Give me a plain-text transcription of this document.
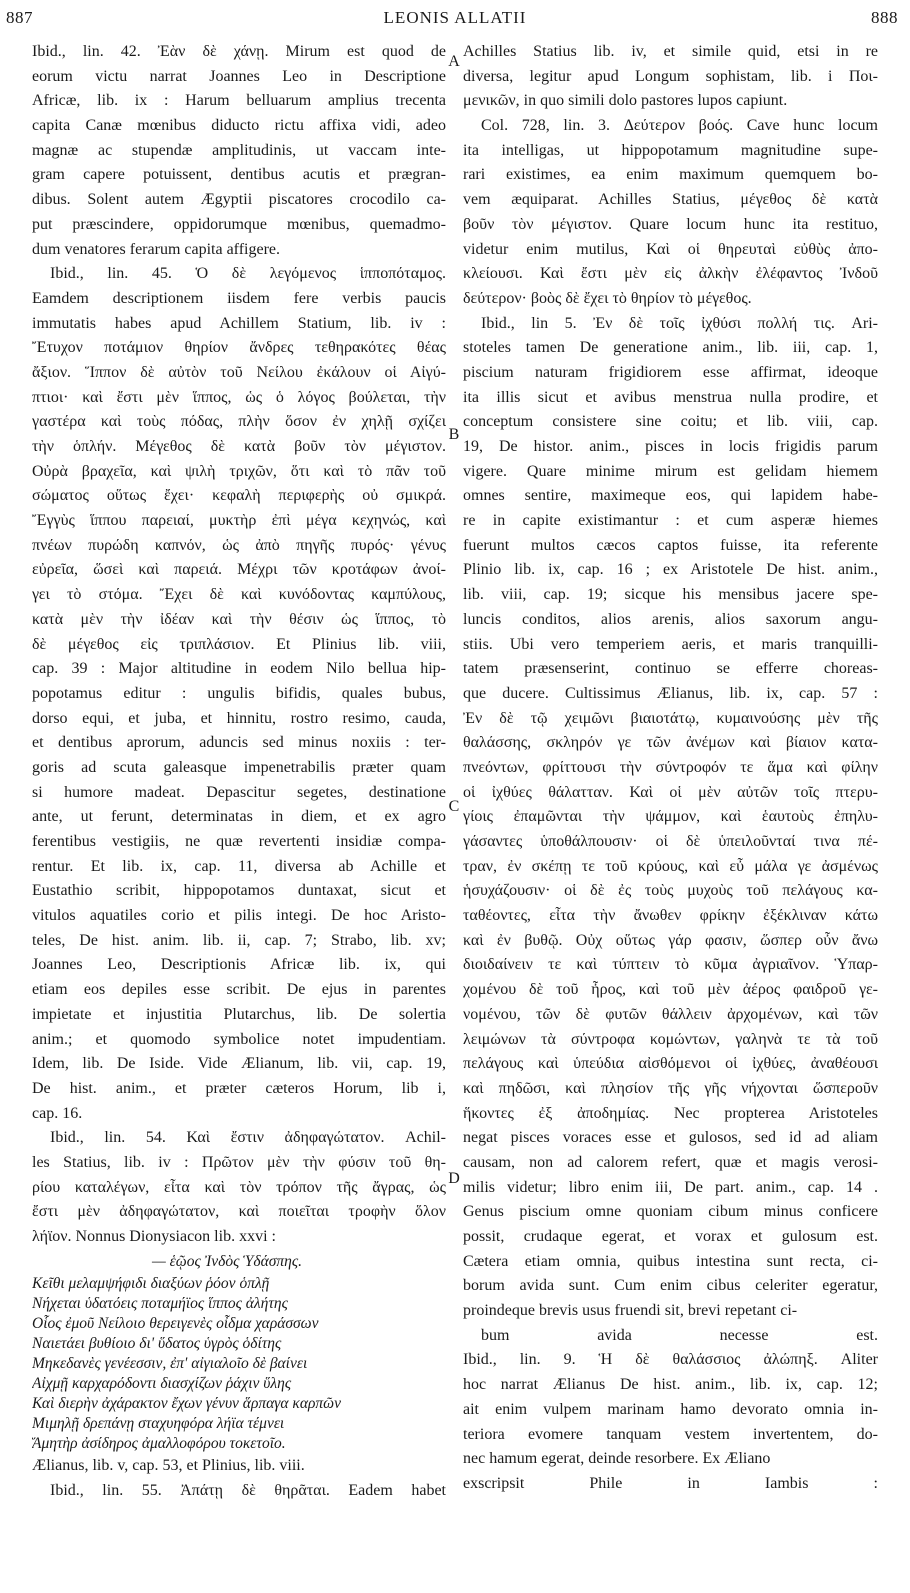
LEONIS ALLATII
887	888
A
B
C
D
Ibid., lin. 42. Ἐὰν δὲ χάνῃ. Mirum est quod de
eorum victu narrat Joannes Leo in Descriptione
Africæ, lib. ix : Harum belluarum amplius trecenta
capita Canæ mœnibus diducto rictu affixa vidi, adeo
magnæ ac stupendæ amplitudinis, ut vaccam inte-
gram capere potuissent, dentibus acutis et prægran-
dibus. Solent autem Ægyptii piscatores crocodilo ca-
put præscindere, oppidorumque mœnibus, quemadmo-
dum venatores ferarum capita affigere.
Ibid., lin. 45. Ὁ δὲ λεγόμενος ἱπποπόταμος.
Eamdem descriptionem iisdem fere verbis paucis
immutatis habes apud Achillem Statium, lib. iv :
Ἔτυχον ποτάμιον θηρίον ἄνδρες τεθηρακότες θέας
ἄξιον. Ἵππον δὲ αὐτὸν τοῦ Νείλου ἐκάλουν οἱ Αἰγύ-
πτιοι· καὶ ἔστι μὲν ἵππος, ὡς ὁ λόγος βούλεται, τὴν
γαστέρα καὶ τοὺς πόδας, πλὴν ὅσον ἐν χηλῇ σχίζει
τὴν ὁπλήν. Μέγεθος δὲ κατὰ βοῦν τὸν μέγιστον.
Οὐρὰ βραχεῖα, καὶ ψιλὴ τριχῶν, ὅτι καὶ τὸ πᾶν τοῦ
σώματος οὕτως ἔχει· κεφαλὴ περιφερὴς οὐ σμικρά.
Ἔγγὺς ἵππου παρειαί, μυκτὴρ ἐπὶ μέγα κεχηνώς, καὶ
πνέων πυρώδη καπνόν, ὡς ἀπὸ πηγῆς πυρός· γένυς
εὐρεῖα, ὥσεὶ καὶ παρειά. Μέχρι τῶν κροτάφων ἀνοί-
γει τὸ στόμα. Ἔχει δὲ καὶ κυνόδοντας καμπύλους,
κατὰ μὲν τὴν ἰδέαν καὶ τὴν θέσιν ὡς ἵππος, τὸ
δὲ μέγεθος εἰς τριπλάσιον. Et Plinius lib. viii,
cap. 39 : Major altitudine in eodem Nilo bellua hip-
popotamus editur : ungulis bifidis, quales bubus,
dorso equi, et juba, et hinnitu, rostro resimo, cauda,
et dentibus aprorum, aduncis sed minus noxiis : ter-
goris ad scuta galeasque impenetrabilis præter quam
si humore madeat. Depascitur segetes, destinatione
ante, ut ferunt, determinatas in diem, et ex agro
ferentibus vestigiis, ne quæ revertenti insidiæ compa-
rentur. Et lib. ix, cap. 11, diversa ab Achille et
Eustathio scribit, hippopotamos duntaxat, sicut et
vitulos aquatiles corio et pilis integi. De hoc Aristo-
teles, De hist. anim. lib. ii, cap. 7; Strabo, lib. xv;
Joannes Leo, Descriptionis Africæ lib. ix, qui
etiam eos depiles esse scribit. De ejus in parentes
impietate et injustitia Plutarchus, lib. De solertia
anim.; et quomodo symbolice notet impudentiam.
Idem, lib. De Iside. Vide Ælianum, lib. vii, cap. 19,
De hist. anim., et præter cæteros Horum, lib i,
cap. 16.
Ibid., lin. 54. Καὶ ἔστιν ἀδηφαγώτατον. Achil-
les Statius, lib. iv : Πρῶτον μὲν τὴν φύσιν τοῦ θη-
ρίου καταλέγων, εἶτα καὶ τὸν τρόπον τῆς ἄγρας, ὡς
ἔστι μὲν ἀδηφαγώτατον, καὶ ποιεῖται τροφὴν ὅλον
λήϊον. Nonnus Dionysiacon lib. xxvi :
— ἑῷος Ἰνδὸς Ὑδάσπης.
Κεῖθι μελαμψήφιδι διαξύων ῥόον ὁπλῇ
Νήχεται ὑδατόεις ποταμήϊος ἵππος ἀλήτης
Οἷος ἐμοῦ Νείλοιο θερειγενὲς οἶδμα χαράσσων
Ναιετάει βυθίοιο δι' ὕδατος ὑγρὸς ὁδίτης
Μηκεδανὲς γενέεσσιν, ἐπ' αἰγιαλοῖο δὲ βαίνει
Αἰχμῇ καρχαρόδοντι διασχίζων ῥάχιν ὕλης
Καὶ διερὴν ἀχάρακτον ἔχων γένυν ἅρπαγα καρπῶν
Μιμηλῇ δρεπάνῃ σταχυηφόρα λήϊα τέμνει
Ἄμητὴρ ἀσίδηρος ἀμαλλοφόρου τοκετοῖο.
Ælianus, lib. v, cap. 53, et Plinius, lib. viii.
Ibid., lin. 55. Ἀπάτῃ δὲ θηρᾶται. Eadem habet
Achilles Statius lib. iv, et simile quid, etsi in re
diversa, legitur apud Longum sophistam, lib. i Ποι-
μενικῶν, in quo simili dolo pastores lupos capiunt.
Col. 728, lin. 3. Δεύτερον βοός. Cave hunc locum
ita intelligas, ut hippopotamum magnitudine supe-
rari existimes, ea enim maximum quemquem bo-
vem æquiparat. Achilles Statius, μέγεθος δὲ κατὰ
βοῦν τὸν μέγιστον. Quare locum hunc ita restituo,
videtur enim mutilus, Καὶ οἱ θηρευταὶ εὐθὺς ἀπο-
κλείουσι. Καὶ ἔστι μὲν εἰς ἀλκὴν ἐλέφαντος Ἰνδοῦ
δεύτερον· βοὸς δὲ ἔχει τὸ θηρίον τὸ μέγεθος.
Ibid., lin 5. Ἐν δὲ τοῖς ἰχθύσι πολλή τις. Ari-
stoteles tamen De generatione anim., lib. iii, cap. 1,
piscium naturam frigidiorem esse affirmat, ideoque
ita illis sicut et avibus menstrua nulla prodire, et
conceptum consistere sine coitu; et lib. viii, cap.
19, De histor. anim., pisces in locis frigidis parum
vigere. Quare minime mirum est gelidam hiemem
omnes sentire, maximeque eos, qui lapidem habe-
re in capite existimantur : et cum asperæ hiemes
fuerunt multos cæcos captos fuisse, ita referente
Plinio lib. ix, cap. 16 ; ex Aristotele De hist. anim.,
lib. viii, cap. 19; sicque his mensibus jacere spe-
luncis conditos, alios arenis, alios saxorum angu-
stiis. Ubi vero temperiem aeris, et maris tranquilli-
tatem præsenserint, continuo se efferre choreas-
que ducere. Cultissimus Ælianus, lib. ix, cap. 57 :
Ἐν δὲ τῷ χειμῶνι βιαιοτάτῳ, κυμαινούσης μὲν τῆς
θαλάσσης, σκληρόν γε τῶν ἀνέμων καὶ βίαιον κατα-
πνεόντων, φρίττουσι τὴν σύντροφόν τε ἅμα καὶ φίλην
οἱ ἰχθύες θάλατταν. Καὶ οἱ μὲν αὐτῶν τοῖς πτερυ-
γίοις ἐπαμῶνται τὴν ψάμμον, καὶ ἑαυτοὺς ἐπηλυ-
γάσαντες ὑποθάλπουσιν· οἱ δὲ ὑπειλοῦνταί τινα πέ-
τραν, ἐν σκέπῃ τε τοῦ κρύους, καὶ εὖ μάλα γε ἀσμένως
ἡσυχάζουσιν· οἱ δὲ ἐς τοὺς μυχοὺς τοῦ πελάγους κα-
ταθέοντες, εἶτα τὴν ἄνωθεν φρίκην ἐξέκλιναν κάτω
καὶ ἐν βυθῷ. Οὐχ οὕτως γάρ φασιν, ὥσπερ οὖν ἄνω
διοιδαίνειν τε καὶ τύπτειν τὸ κῦμα ἀγριαῖνον. Ὑπαρ-
χομένου δὲ τοῦ ἦρος, καὶ τοῦ μὲν ἀέρος φαιδροῦ γε-
νομένου, τῶν δὲ φυτῶν θάλλειν ἀρχομένων, καὶ τῶν
λειμώνων τὰ σύντροφα κομώντων, γαληνὰ τε τὰ τοῦ
πελάγους καὶ ὑπεύδια αἰσθόμενοι οἱ ἰχθύες, ἀναθέουσι
καὶ πηδῶσι, καὶ πλησίον τῆς γῆς νήχονται ὥσπεροῦν
ἥκοντες ἐξ ἀποδημίας. Nec propterea Aristoteles
negat pisces voraces esse et gulosos, sed id ad aliam
causam, non ad calorem refert, quæ et magis verosi-
milis videtur; libro enim iii, De part. anim., cap. 14 .
Genus piscium omne quoniam cibum minus conficere
possit, crudaque egerat, et vorax et gulosum est.
Cætera etiam omnia, quibus intestina sunt recta, ci-
borum avida sunt. Cum enim cibus celeriter egeratur,
proindeque brevis usus fruendi sit, brevi repetant ci-
bum avida necesse est.
Ibid., lin. 9. Ἡ δὲ θαλάσσιος ἀλώπηξ. Aliter
hoc narrat Ælianus De hist. anim., lib. ix, cap. 12;
ait enim vulpem marinam hamo devorato omnia in-
teriora evomere tanquam vestem invertentem, do-
nec hamum egerat, deinde resorbere. Ex Æliano
exscripsit Phile in Iambis :
